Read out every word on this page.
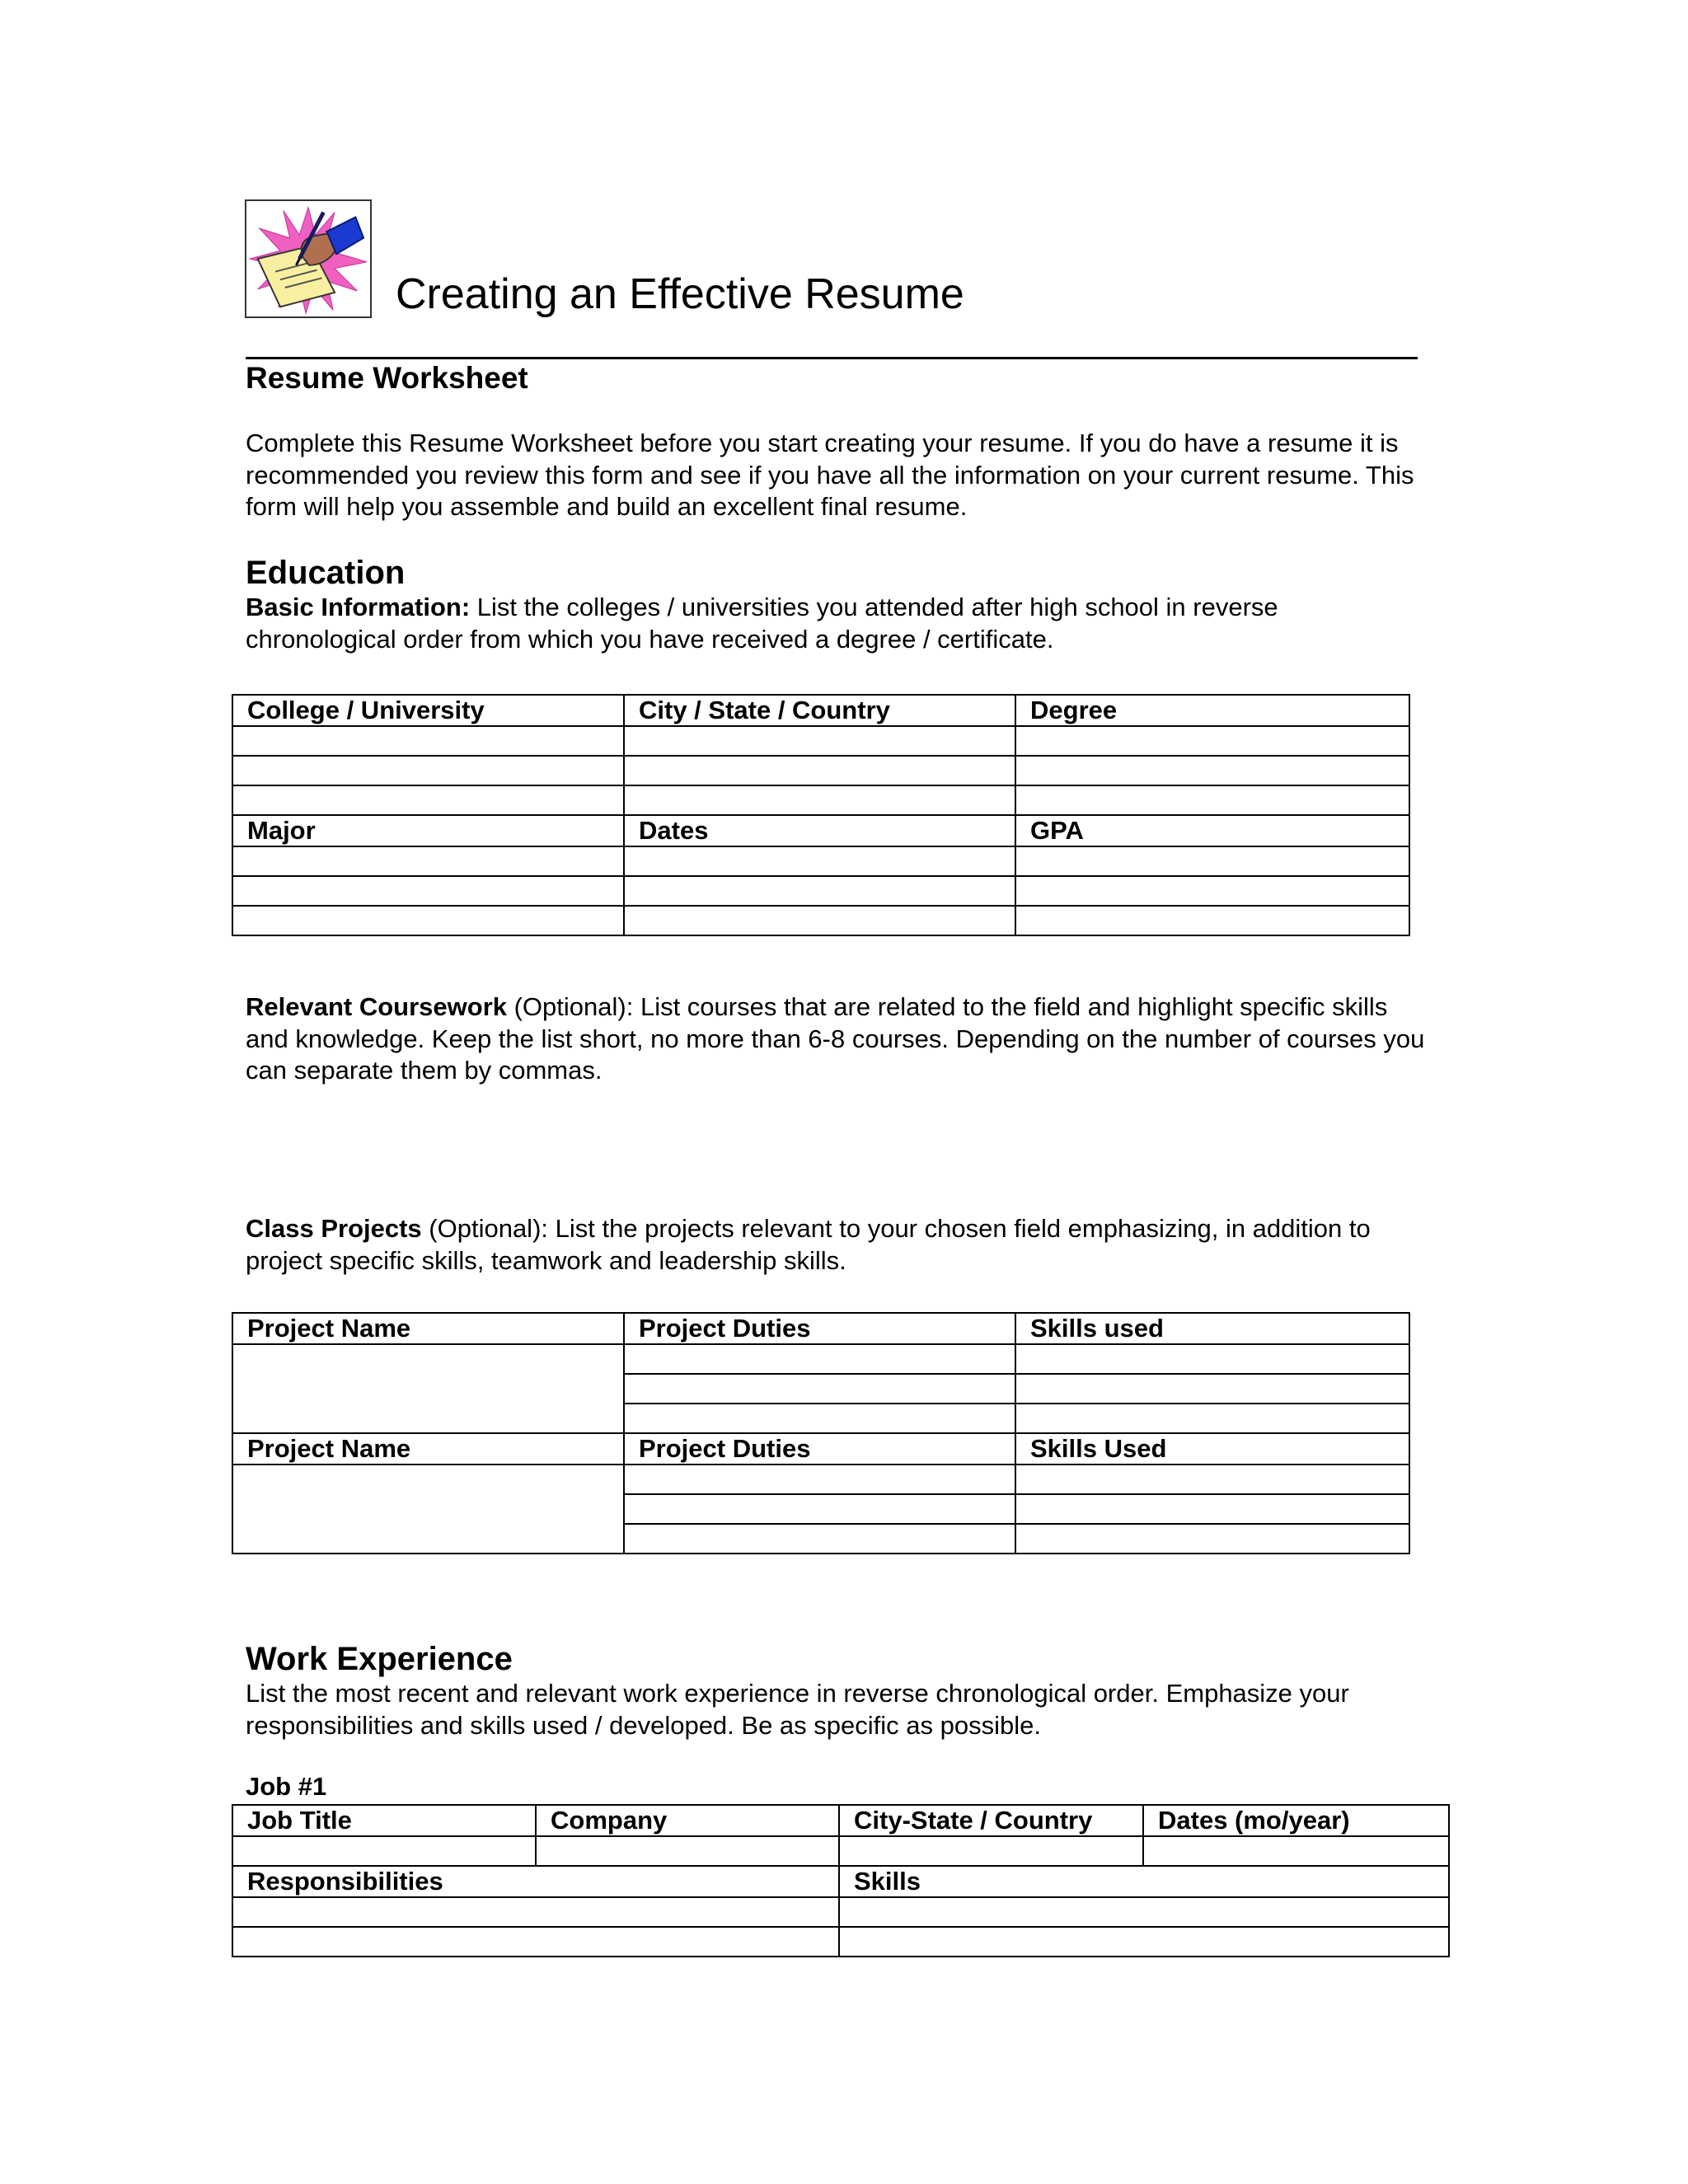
Creating an Effective Resume
Resume Worksheet
Complete this Resume Worksheet before you start creating your resume. If you do have a resume it is recommended you review this form and see if you have all the information on your current resume. This form will help you assemble and build an excellent final resume.
Education
Basic Information: List the colleges / universities you attended after high school in reverse chronological order from which you have received a degree / certificate.
College / University	City / State / Country	Degree

Major	Dates	GPA

Relevant Coursework (Optional): List courses that are related to the field and highlight specific skills and knowledge. Keep the list short, no more than 6-8 courses. Depending on the number of courses you can separate them by commas.
Class Projects (Optional): List the projects relevant to your chosen field emphasizing, in addition to project specific skills, teamwork and leadership skills.
Project Name	Project Duties	Skills used

Project Name	Project Duties	Skills Used

Work Experience
List the most recent and relevant work experience in reverse chronological order. Emphasize your responsibilities and skills used / developed. Be as specific as possible.
Job #1
Job Title	Company	City-State / Country	Dates (mo/year)

Responsibilities		Skills	
